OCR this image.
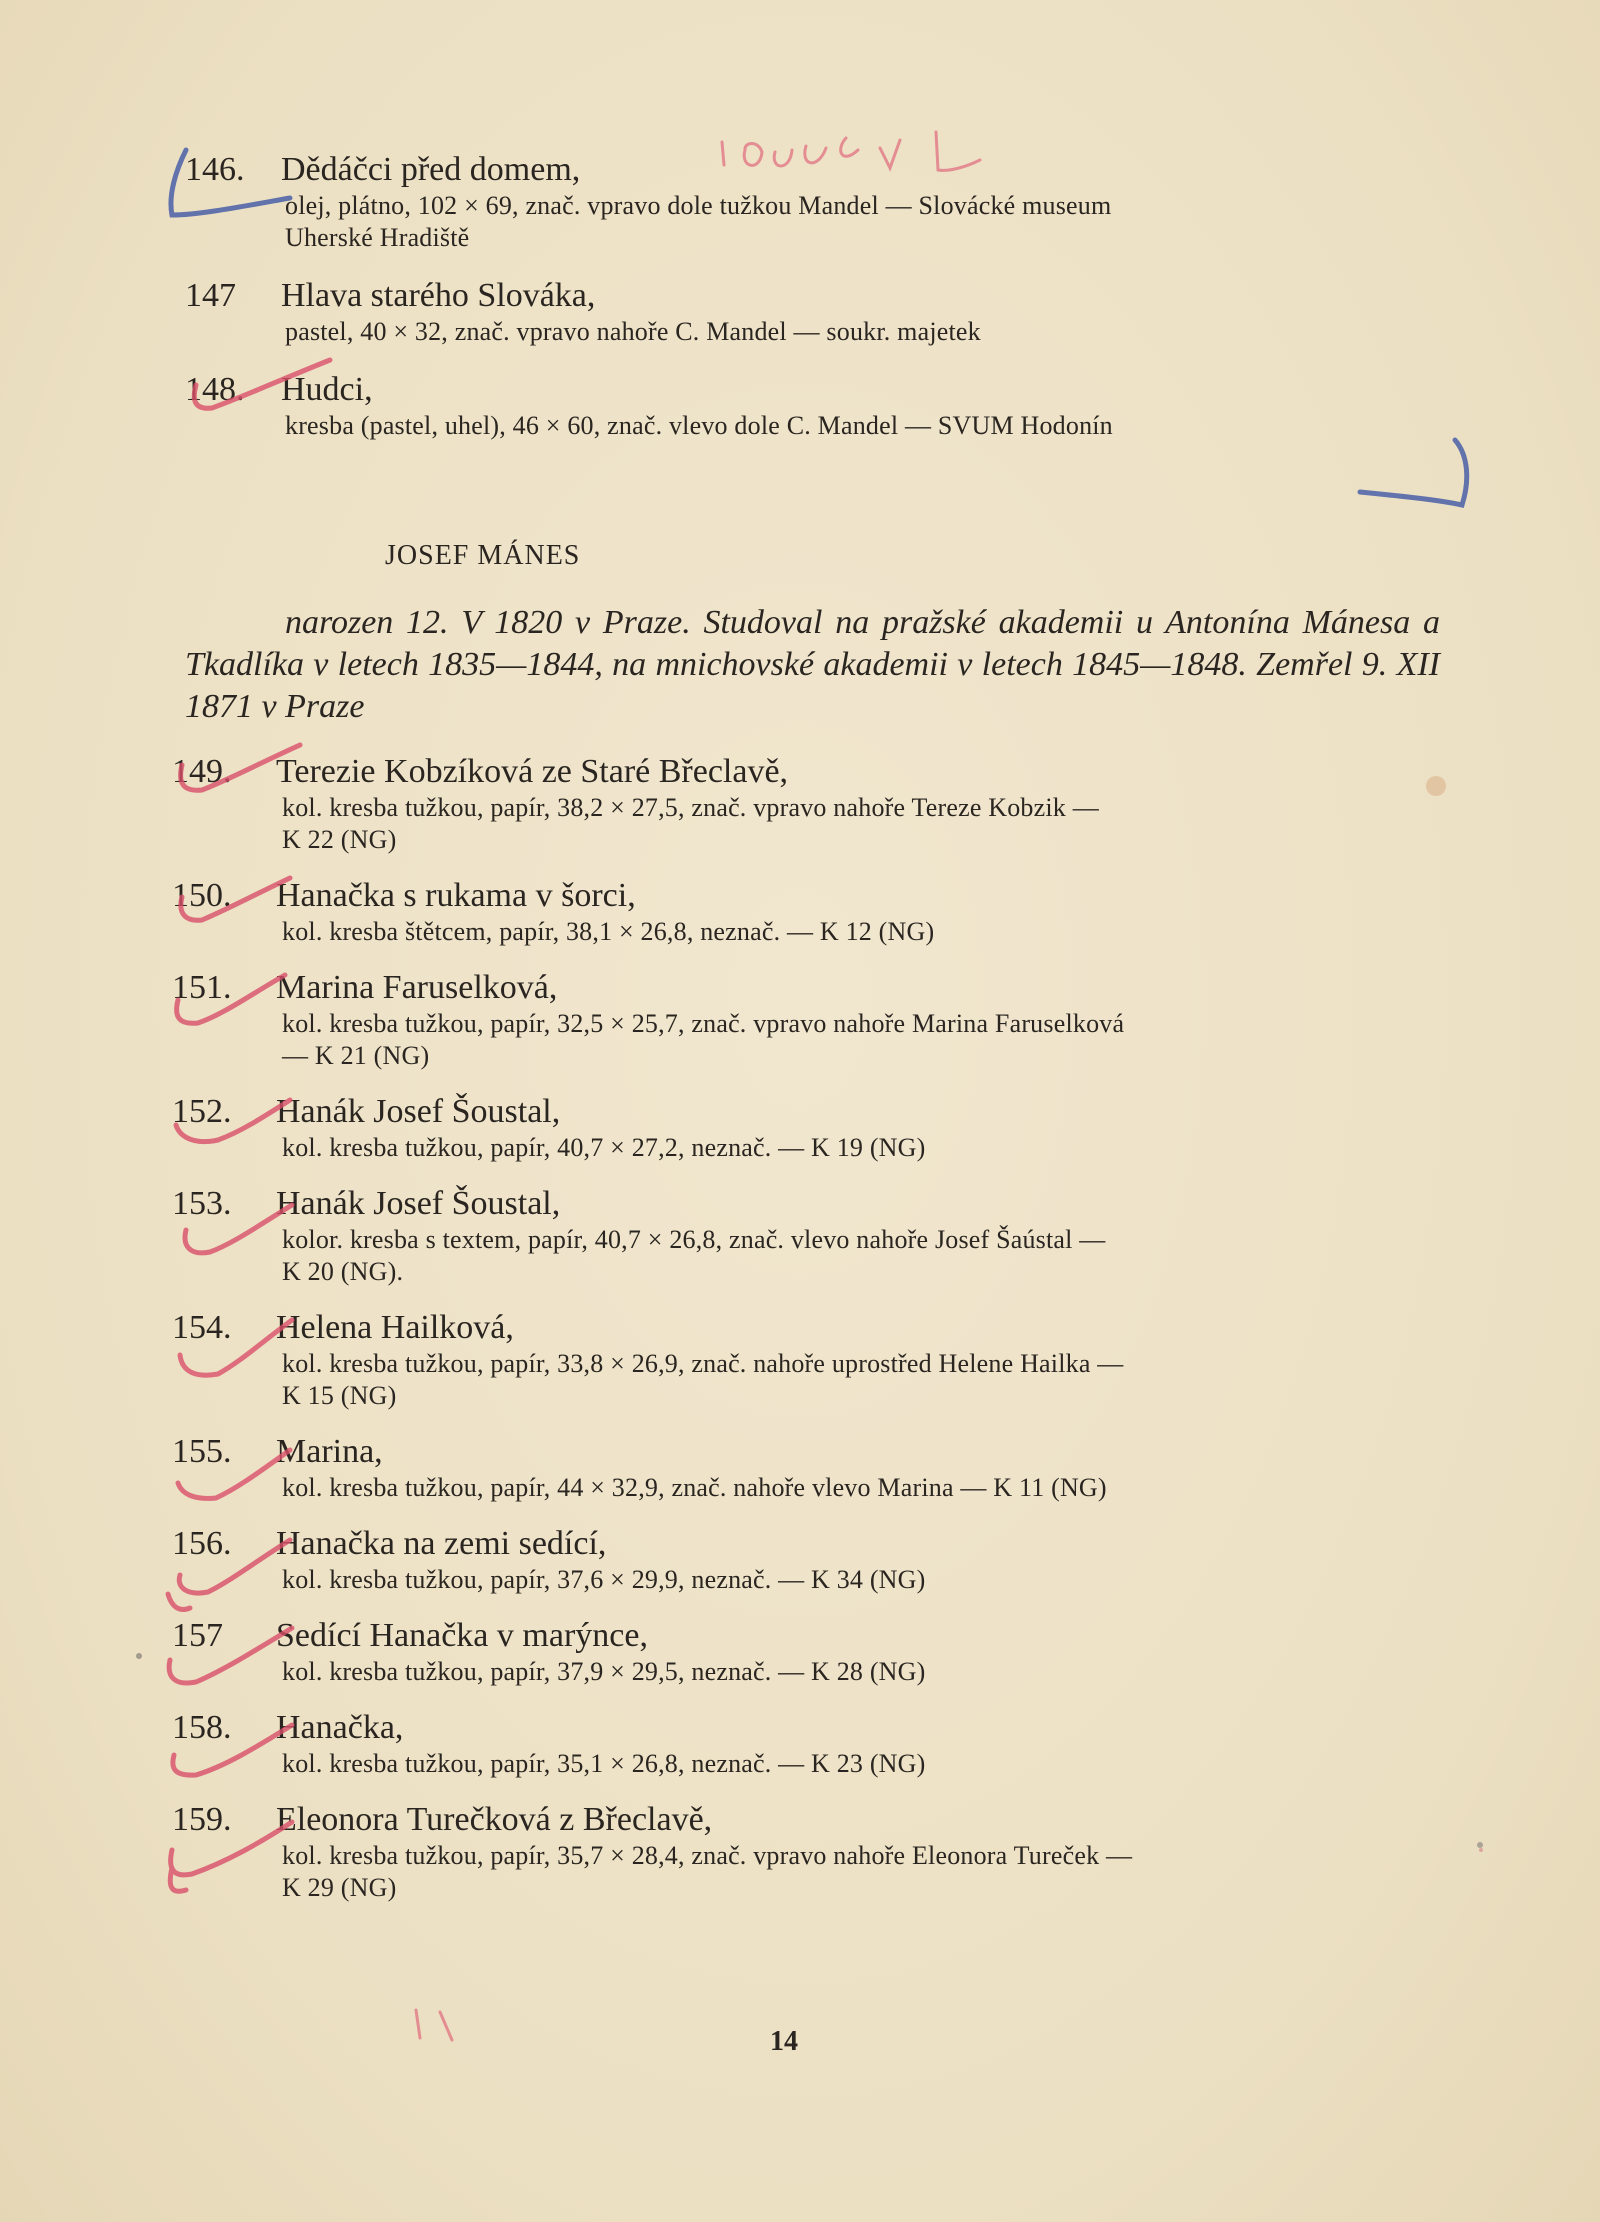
146. Dědáčci před domem,
olej, plátno, 102 × 69, znač. vpravo dole tužkou Mandel — Slovácké museum
Uherské Hradiště
147 Hlava starého Slováka,
pastel, 40 × 32, znač. vpravo nahoře C. Mandel — soukr. majetek
148. Hudci,
kresba (pastel, uhel), 46 × 60, znač. vlevo dole C. Mandel — SVUM Hodonín
JOSEF MÁNES
narozen 12. V 1820 v Praze. Studoval na pražské akademii u Antonína Mánesa a Tkadlíka v letech 1835—1844, na mnichovské akademii v letech 1845—1848. Zemřel 9. XII 1871 v Praze
149. Terezie Kobzíková ze Staré Břeclavě,
kol. kresba tužkou, papír, 38,2 × 27,5, znač. vpravo nahoře Tereze Kobzik —
K 22 (NG)
150. Hanačka s rukama v šorci,
kol. kresba štětcem, papír, 38,1 × 26,8, neznač. — K 12 (NG)
151. Marina Faruselková,
kol. kresba tužkou, papír, 32,5 × 25,7, znač. vpravo nahoře Marina Faruselková
— K 21 (NG)
152. Hanák Josef Šoustal,
kol. kresba tužkou, papír, 40,7 × 27,2, neznač. — K 19 (NG)
153. Hanák Josef Šoustal,
kolor. kresba s textem, papír, 40,7 × 26,8, znač. vlevo nahoře Josef Šaústal —
K 20 (NG).
154. Helena Hailková,
kol. kresba tužkou, papír, 33,8 × 26,9, znač. nahoře uprostřed Helene Hailka —
K 15 (NG)
155. Marina,
kol. kresba tužkou, papír, 44 × 32,9, znač. nahoře vlevo Marina — K 11 (NG)
156. Hanačka na zemi sedící,
kol. kresba tužkou, papír, 37,6 × 29,9, neznač. — K 34 (NG)
157 Sedící Hanačka v marýnce,
kol. kresba tužkou, papír, 37,9 × 29,5, neznač. — K 28 (NG)
158. Hanačka,
kol. kresba tužkou, papír, 35,1 × 26,8, neznač. — K 23 (NG)
159. Eleonora Turečková z Břeclavě,
kol. kresba tužkou, papír, 35,7 × 28,4, znač. vpravo nahoře Eleonora Tureček —
K 29 (NG)
14
